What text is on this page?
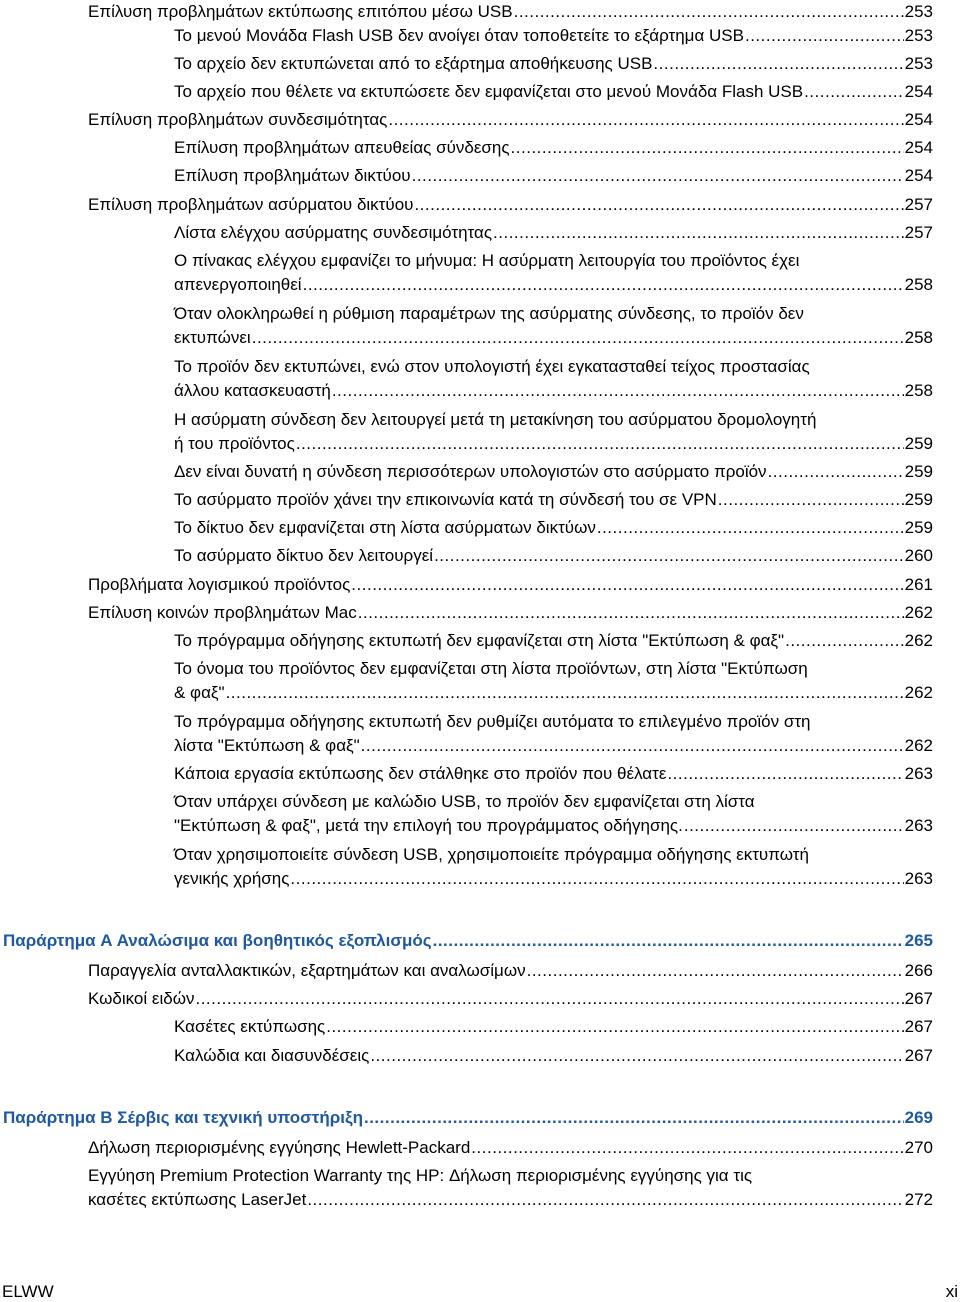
Επίλυση προβλημάτων εκτύπωσης επιτόπου μέσω USB .....	253
Το μενού Μονάδα Flash USB δεν ανοίγει όταν τοποθετείτε το εξάρτημα USB .....	253
Το αρχείο δεν εκτυπώνεται από το εξάρτημα αποθήκευσης USB .....	253
Το αρχείο που θέλετε να εκτυπώσετε δεν εμφανίζεται στο μενού Μονάδα Flash USB .....	254
Επίλυση προβλημάτων συνδεσιμότητας .....	254
Επίλυση προβλημάτων απευθείας σύνδεσης .....	254
Επίλυση προβλημάτων δικτύου .....	254
Επίλυση προβλημάτων ασύρματου δικτύου .....	257
Λίστα ελέγχου ασύρματης συνδεσιμότητας .....	257
Ο πίνακας ελέγχου εμφανίζει το μήνυμα: Η ασύρματη λειτουργία του προϊόντος έχει
απενεργοποιηθεί .....	258
Όταν ολοκληρωθεί η ρύθμιση παραμέτρων της ασύρματης σύνδεσης, το προϊόν δεν
εκτυπώνει .....	258
Το προϊόν δεν εκτυπώνει, ενώ στον υπολογιστή έχει εγκατασταθεί τείχος προστασίας
άλλου κατασκευαστή .....	258
Η ασύρματη σύνδεση δεν λειτουργεί μετά τη μετακίνηση του ασύρματου δρομολογητή
ή του προϊόντος .....	259
Δεν είναι δυνατή η σύνδεση περισσότερων υπολογιστών στο ασύρματο προϊόν .....	259
Το ασύρματο προϊόν χάνει την επικοινωνία κατά τη σύνδεσή του σε VPN .....	259
Το δίκτυο δεν εμφανίζεται στη λίστα ασύρματων δικτύων .....	259
Το ασύρματο δίκτυο δεν λειτουργεί .....	260
Προβλήματα λογισμικού προϊόντος .....	261
Επίλυση κοινών προβλημάτων Mac .....	262
Το πρόγραμμα οδήγησης εκτυπωτή δεν εμφανίζεται στη λίστα "Εκτύπωση & φαξ" .....	262
Το όνομα του προϊόντος δεν εμφανίζεται στη λίστα προϊόντων, στη λίστα "Εκτύπωση
& φαξ" .....	262
Το πρόγραμμα οδήγησης εκτυπωτή δεν ρυθμίζει αυτόματα το επιλεγμένο προϊόν στη
λίστα "Εκτύπωση & φαξ" .....	262
Κάποια εργασία εκτύπωσης δεν στάλθηκε στο προϊόν που θέλατε .....	263
Όταν υπάρχει σύνδεση με καλώδιο USB, το προϊόν δεν εμφανίζεται στη λίστα
"Εκτύπωση & φαξ", μετά την επιλογή του προγράμματος οδήγησης. .....	263
Όταν χρησιμοποιείτε σύνδεση USB, χρησιμοποιείτε πρόγραμμα οδήγησης εκτυπωτή
γενικής χρήσης .....	263
Παράρτημα A Αναλώσιμα και βοηθητικός εξοπλισμός .....	265
Παραγγελία ανταλλακτικών, εξαρτημάτων και αναλωσίμων .....	266
Κωδικοί ειδών .....	267
Κασέτες εκτύπωσης .....	267
Καλώδια και διασυνδέσεις .....	267
Παράρτημα B Σέρβις και τεχνική υποστήριξη .....	269
Δήλωση περιορισμένης εγγύησης Hewlett-Packard .....	270
Εγγύηση Premium Protection Warranty της HP: Δήλωση περιορισμένης εγγύησης για τις
κασέτες εκτύπωσης LaserJet .....	272
ELWW	xi
